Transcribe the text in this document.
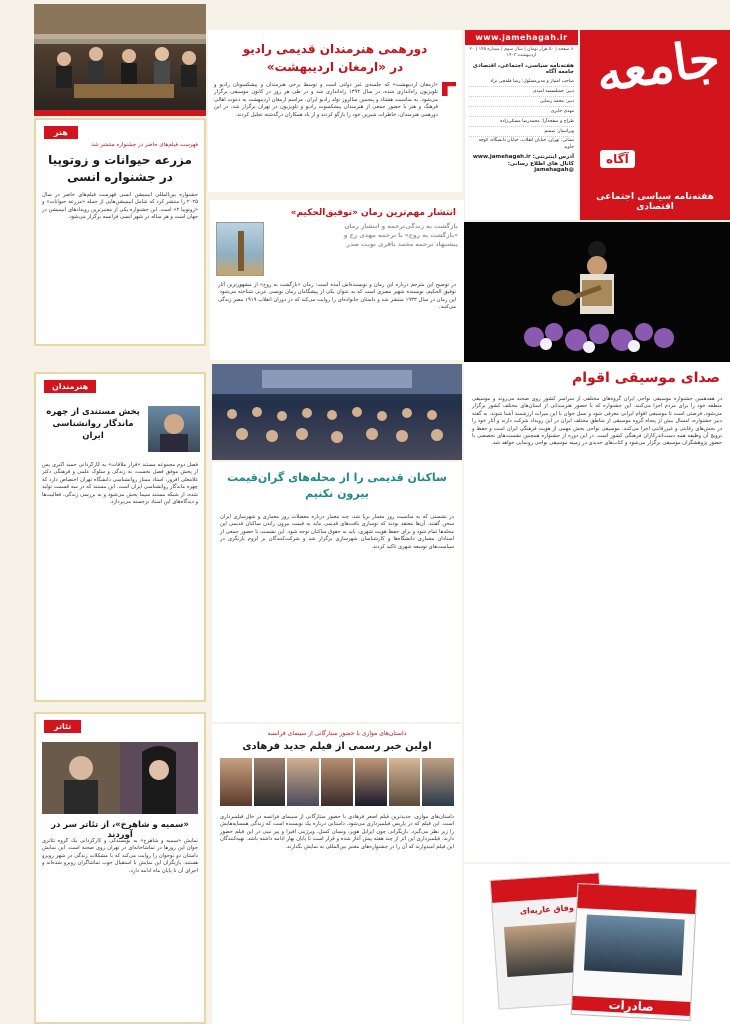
جامعه
آگاه
هفته‌نامه سیاسی اجتماعی اقتصادی
www.jamehagah.ir
۸ صفحه | ۵۰ هزار تومان | سال سوم | شماره ۱۴۵ | ۲۰ اردیبهشت ۱۴۰۳
هفته‌نامه سیاسی، اجتماعی، اقتصادی جامعه آگاه
صاحب امتیاز و مدیرمسئول: رضا قلمچی نژاد
دبیر: جمیلسمیه امیدی
دبیر: محمد رضایی
مهدی جابری
طراح و صفحه‌آرا: محمدرضا مشکی‌زاده
ویراستار: صمیم
نشانی: تهران، خیابان انقلاب، خیابان دانشگاه، کوچه جاوید
آدرس اینترنتی: www.jamehagah.ir
کانال های اطلاع رسانی: @jamehagah
دورهمی هنرمندان قدیمی رادیو
در «ارمغان اردیبهشت»
«ارمغان اردیبهشت» که جلسه‌ی غیر دولتی است و توسط برخی هنرمندان و پیشکسوتان رادیو و تلویزیون راه‌اندازی شده، در سال ۱۳۹۴ راه‌اندازی شد و در طی هر روز در کانون موسیقی برگزار می‌شود. به مناسبت هشتاد و پنجمین سالروز تولد رادیو ایران، مراسم ارمغان اردیبهشت به دعوت اهالی فرهنگ و هنر با حضور جمعی از هنرمندان پیشکسوت رادیو و تلویزیون در تهران برگزار شد. در این دورهمی هنرمندان، خاطرات شیرین خود را بازگو کردند و از یاد همکاران درگذشته تجلیل کردند.
هنر
فهرست فیلم‌های حاضر در جشنواره منتشر شد
مزرعه حیوانات و زوتوپیا در جشنواره انسی
جشنواره بین‌المللی انیمیشن انسی فهرست فیلم‌های حاضر در سال ۲۰۲۵ را منتشر کرد که شامل انیمیشن‌هایی از جمله «مزرعه حیوانات» و «زوتوپیا ۲» است. این جشنواره یکی از معتبرترین رویدادهای انیمیشن در جهان است و هر ساله در شهر انسی فرانسه برگزار می‌شود.	انتشار مهم‌ترین رمان «توفیق‌الحکیم»
بازگشت به زندگی‌ترجمه و انتشار رمان «بازگشت به روح» با ترجمه مهدی رخ و پیشنهاد ترجمه محمد باقری نوبت صدر
در توضیح این مترجم درباره این رمان و نویسنده‌اش آمده است: رمان «بازگشت به روح» از مشهورترین آثار توفیق الحکیم، نویسنده شهیر مصری است که به عنوان یکی از پیشگامان رمان نویسی عربی شناخته می‌شود. این رمان در سال ۱۹۳۳ منتشر شد و داستان خانواده‌ای را روایت می‌کند که در دوران انقلاب ۱۹۱۹ مصر زندگی می‌کنند.
هنرمندان
پخش مستندی از چهره ماندگار روانشناسی ایران
فصل دوم مجموعه مستند «قرار ملاقات» به کارگردانی حمید اکبری پس از پخش موفق فصل نخست، به زندگی و سلوک علمی و فرهنگی دکتر غلامعلی افروز، استاد ممتاز روانشناسی دانشگاه تهران اختصاص دارد که چهره ماندگار روانشناسی ایران است. این مستند که در سه قسمت تولید شده، از شبکه مستند سیما پخش می‌شود و به بررسی زندگی، فعالیت‌ها و دیدگاه‌های این استاد برجسته می‌پردازد.
ساکنان قدیمی را از محله‌های گران‌قیمت بیرون نکنیم
در نشستی که به مناسبت روز معمار برپا شد، چند معمار درباره معضلات روز معماری و شهرسازی ایران سخن گفتند. آن‌ها معتقد بودند که نوسازی بافت‌های قدیمی نباید به قیمت بیرون راندن ساکنان قدیمی این محله‌ها تمام شود و برای حفظ هویت شهری، باید به حقوق ساکنان توجه شود. این نشست با حضور جمعی از استادان معماری دانشگاه‌ها و کارشناسان شهرسازی برگزار شد و شرکت‌کنندگان بر لزوم بازنگری در سیاست‌های توسعه شهری تاکید کردند.
صدای موسیقی اقوام
در هفدهمین جشنواره موسیقی نواحی ایران گروه‌های مختلفی از سراسر کشور روی صحنه می‌روند و موسیقی منطقه خود را برای مردم اجرا می‌کنند. این جشنواره که با حضور هنرمندانی از استان‌های مختلف کشور برگزار می‌شود، فرصتی است تا موسیقی اقوام ایرانی معرفی شود و نسل جوان با این میراث ارزشمند آشنا شوند. به گفته دبیر جشنواره، امسال بیش از پنجاه گروه موسیقی از مناطق مختلف ایران در این رویداد شرکت دارند و آثار خود را در بخش‌های رقابتی و غیررقابتی اجرا می‌کنند. موسیقی نواحی بخش مهمی از هویت فرهنگی ایران است و حفظ و ترویج آن وظیفه همه دست‌اندرکاران فرهنگی کشور است. در این دوره از جشنواره همچنین نشست‌های تخصصی با حضور پژوهشگران موسیقی برگزار می‌شود و کتاب‌های جدیدی در زمینه موسیقی نواحی رونمایی خواهد شد.
تئاتر
«سمیه و شاهرخ»، از تئاتر سر در آوردند
نمایش «سمیه و شاهرخ» به نویسندگی و کارگردانی یک گروه تئاتری جوان این روزها در تماشاخانه‌ای در تهران روی صحنه است. این نمایش داستان دو نوجوان را روایت می‌کند که با مشکلات زندگی در شهر روبرو هستند. بازیگران این نمایش با استقبال خوب تماشاگران روبرو شده‌اند و اجرای آن تا پایان ماه ادامه دارد.
داستان‌های موازی با حضور ستارگانی از سینمای فرانسه
اولین خبر رسمی از فیلم جدید فرهادی
داستان‌های موازی، جدیدترین فیلم اصغر فرهادی با حضور ستارگانی از سینمای فرانسه در حال فیلمبرداری است. این فیلم که در پاریس فیلمبرداری می‌شود، داستانی درباره یک نویسنده است که زندگی همسایه‌هایش را زیر نظر می‌گیرد. بازیگرانی چون ایزابل هوپر، ونسان کسل، ویرژینی افیرا و پیر نینی در این فیلم حضور دارند. فیلمبرداری این اثر از چند هفته پیش آغاز شده و قرار است تا پایان بهار ادامه داشته باشد. تهیه‌کنندگان این فیلم امیدوارند که آن را در جشنواره‌های معتبر بین‌المللی به نمایش بگذارند.
وفاق عاریه‌ای
صادرات
